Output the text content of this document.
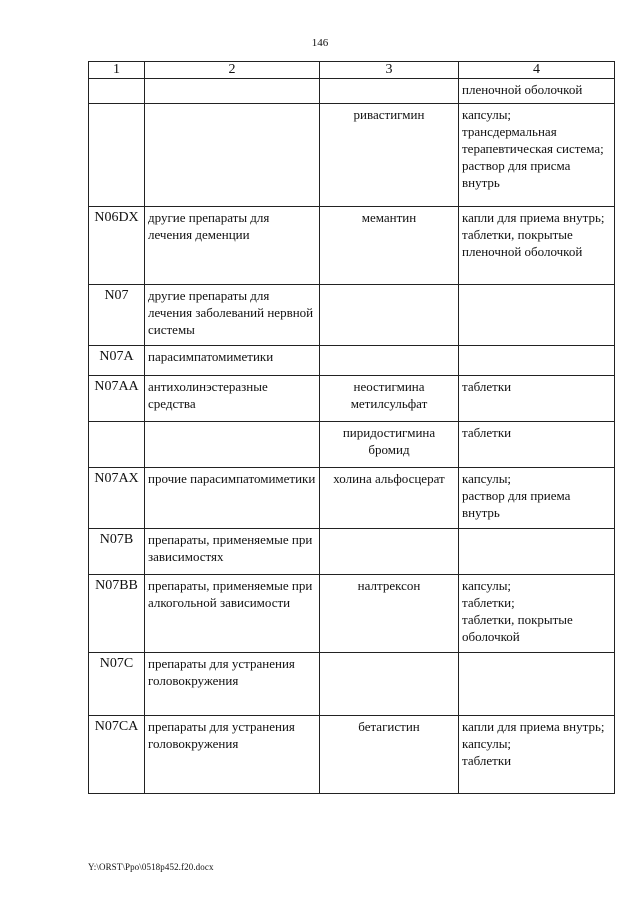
146
1	2	3	4
			пленочной оболочкой
		ривастигмин	капсулы;
трансдермальная терапевтическая система;
раствор для присма внутрь
N06DX	другие препараты для лечения деменции	мемантин	капли для приема внутрь;
таблетки, покрытые пленочной оболочкой
N07	другие препараты для лечения заболеваний нервной системы		
N07A	парасимпатомиметики		
N07AA	антихолинэстеразные средства	неостигмина метилсульфат	таблетки
		пиридостигмина бромид	таблетки
N07AX	прочие парасимпатомиметики	холина альфосцерат	капсулы;
раствор для приема внутрь
N07B	препараты, применяемые при зависимостях		
N07BB	препараты, применяемые при алкогольной зависимости	налтрексон	капсулы;
таблетки;
таблетки, покрытые оболочкой
N07C	препараты для устранения головокружения		
N07CA	препараты для устранения головокружения	бетагистин	капли для приема внутрь;
капсулы;
таблетки
Y:\ORST\Ppo\0518p452.f20.docx
